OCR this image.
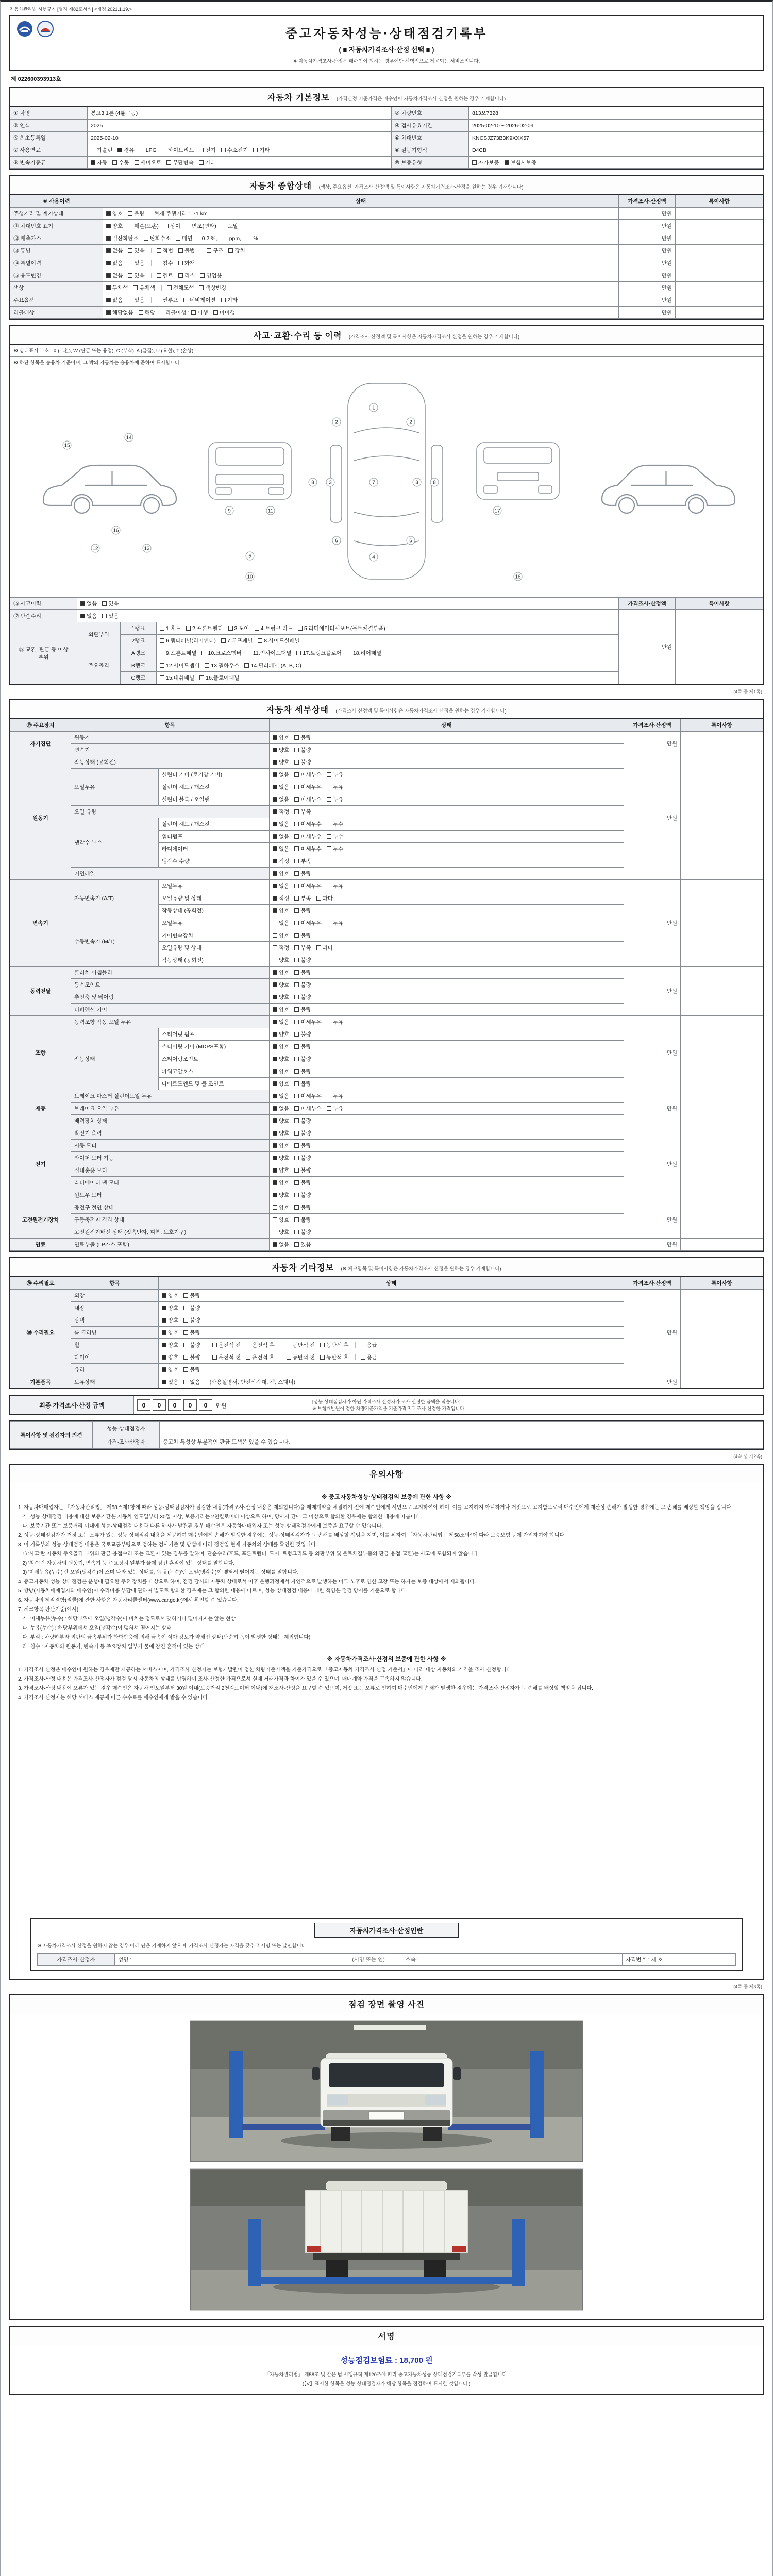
자동차관리법 시행규칙 [별지 제82호서식] <개정 2021.1.19.>
중고자동차성능·상태점검기록부
( ■ 자동차가격조사·산정 선택 ■ )
※ 자동차가격조사·산정은 매수인이 원하는 경우에만 선택적으로 제공되는 서비스입니다.
제 022600393913호
자동차 기본정보 (가격산정 기준가격은 매수인이 자동차가격조사·산정을 원하는 경우 기재합니다)
① 차명	봉고3 1톤 (4륜구동)	② 차량번호	813오7328
③ 연식	2025	④ 검사유효기간	2025-02-10 ~ 2026-02-09
⑤ 최초등록일	2025-02-10	⑥ 차대번호	KNCSJZ73B3K9XXX57
⑦ 사용연료	가솔린 경유 LPG 하이브리드 전기 수소전기 기타	⑧ 원동기형식	D4CB
⑨ 변속기종류	자동 수동 세미오토 무단변속 기타	⑩ 보증유형	자가보증 보험사보증
자동차 종합상태 (색상, 주요옵션, 가격조사·산정액 및 특이사항은 자동차가격조사·산정을 원하는 경우 기재합니다)
⑩ 사용이력	상태	가격조사·산정액	특이사항
주행거리 및 계기상태	양호 불량 현재 주행거리 :  71 km	만원	
⑪ 차대번호 표기	양호 훼손(오손) 상이 변조(변타) 도말	만원	
⑫ 배출가스	일산화탄소 탄화수소 매연 0.2 %,        ppm,        %	만원	
⑬ 튜닝	없음 있음 적법 불법 구조 장치	만원	
⑭ 특별이력	없음 있음 침수 화재	만원	
⑮ 용도변경	없음 있음 렌트 리스 영업용	만원	
색상	무채색 유채색 전체도색 색상변경	만원	
주요옵션	없음 있음 썬루프 네비게이션 기타	만원	
리콜대상	해당없음 해당 리콜이행 : 이행 미이행	만원	
사고·교환·수리 등 이력 (가격조사·산정액 및 특이사항은 자동차가격조사·산정을 원하는 경우 기재합니다)
※ 상태표시 부호 : X (교환), W (판금 또는 용접), C (부식), A (흠집), U (요철), T (손상)
※ 하단 항목은 승용차 기준이며, 그 밖의 자동차는 승용차에 준하여 표시합니다.
1
7
4
2	2
3	3
6	6
8	8
5
9
10
11	17
18
12	13
14
15
16
⑯ 사고이력	없음 있음			가격조사·산정액	특이사항
⑰ 단순수리	없음 있음			만원	
⑱ 교환, 판금 등 이상 부위	외판부위	1랭크	1.후드 2.프론트펜더 3.도어 4.트렁크 리드 5.라디에이터서포트(볼트체결부품)		
		2랭크	6.쿼터패널(리어펜더) 7.루프패널 8.사이드실패널		
	주요골격	A랭크	9.프론트패널 10.크로스멤버 11.인사이드패널 17.트렁크플로어 18.리어패널		
		B랭크	12.사이드멤버 13.휠하우스 14.필러패널 (A, B, C)		
		C랭크	15.대쉬패널 16.플로어패널		
(4쪽 중 제1쪽)
자동차 세부상태 (가격조사·산정액 및 특이사항은 자동차가격조사·산정을 원하는 경우 기재합니다)
⑲ 주요장치	항목		상태	가격조사·산정액	특이사항
자기진단	원동기		양호 불량	만원	
	변속기		양호 불량		
원동기	작동상태 (공회전)		양호 불량	만원	
	오일누유	실린더 커버 (로커암 커버)	없음 미세누유 누유		
		실린더 헤드 / 개스킷	없음 미세누유 누유		
		실린더 블록 / 오일팬	없음 미세누유 누유		
	오일 유량		적정 부족		
	냉각수 누수	실린더 헤드 / 개스킷	없음 미세누수 누수		
		워터펌프	없음 미세누수 누수		
		라디에이터	없음 미세누수 누수		
		냉각수 수량	적정 부족		
	커먼레일		양호 불량		
변속기	자동변속기 (A/T)	오일누유	없음 미세누유 누유	만원	
		오일유량 및 상태	적정 부족 과다		
		작동상태 (공회전)	양호 불량		
	수동변속기 (M/T)	오일누유	없음 미세누유 누유		
		기어변속장치	양호 불량		
		오일유량 및 상태	적정 부족 과다		
		작동상태 (공회전)	양호 불량		
동력전달	클러치 어셈블리		양호 불량	만원	
	등속조인트		양호 불량		
	추진축 및 베어링		양호 불량		
	디퍼렌셜 기어		양호 불량		
조향	동력조향 작동 오일 누유		없음 미세누유 누유	만원	
	작동상태	스티어링 펌프	양호 불량		
		스티어링 기어 (MDPS포함)	양호 불량		
		스티어링조인트	양호 불량		
		파워고압호스	양호 불량		
		타이로드엔드 및 볼 조인트	양호 불량		
제동	브레이크 마스터 실린더오일 누유		없음 미세누유 누유	만원	
	브레이크 오일 누유		없음 미세누유 누유		
	배력장치 상태		양호 불량		
전기	발전기 출력		양호 불량	만원	
	시동 모터		양호 불량		
	와이퍼 모터 기능		양호 불량		
	실내송풍 모터		양호 불량		
	라디에이터 팬 모터		양호 불량		
	윈도우 모터		양호 불량		
고전원전기장치	충전구 절연 상태		양호 불량	만원	
	구동축전지 격리 상태		양호 불량		
	고전원전기배선 상태 (접속단자, 피복, 보호기구)		양호 불량		
연료	연료누출 (LP가스 포함)		없음 있음	만원	
자동차 기타정보 (※ 체크항목 및 특이사항은 자동차가격조사·산정을 원하는 경우 기재합니다)
⑳ 수리필요	항목	상태	가격조사·산정액	특이사항
⑳ 수리필요	외장	양호 불량	만원	
	내장	양호 불량		
	광택	양호 불량		
	룸 크리닝	양호 불량		
	휠	양호 불량 운전석 전 운전석 후 동반석 전 동반석 후 응급		
	타이어	양호 불량 운전석 전 운전석 후 동반석 전 동반석 후 응급		
	유리	양호 불량		
기본품목	보유상태	있음 없음 (사용설명서, 안전삼각대, 잭, 스패너)	만원	
최종 가격조사·산정 금액	0 0 0 0 0 만원	
[성능·상태점검자가 아닌 가격조사·산정자가 조사·산정한 금액을 적습니다]
※ 보험개발원이 정한 차량기준가액을 기준가격으로 조사·산정한 가격입니다.
특이사항 및 점검자의 의견	성능·상태점검자	
	가격·조사산정자	중고차 특성상 부분적인 판금 도색은 있을 수 있습니다.
(4쪽 중 제2쪽)
유의사항
※ 중고자동차성능·상태점검의 보증에 관한 사항 ※
1. 자동차매매업자는 「자동차관리법」 제58조제1항에 따라 성능·상태점검자가 점검한 내용(가격조사·산정 내용은 제외합니다)을 매매계약을 체결하기 전에 매수인에게 서면으로 고지하여야 하며, 이를 고지하지 아니하거나 거짓으로 고지함으로써 매수인에게 재산상 손해가 발생한 경우에는 그 손해를 배상할 책임을 집니다.
가. 성능·상태점검 내용에 대한 보증기간은 자동차 인도일부터 30일 이상, 보증거리는 2천킬로미터 이상으로 하며, 당사자 간에 그 이상으로 합의한 경우에는 합의한 내용에 따릅니다.
나. 보증기간 또는 보증거리 이내에 성능·상태점검 내용과 다른 하자가 발견된 경우 매수인은 자동차매매업자 또는 성능·상태점검자에게 보증을 요구할 수 있습니다.
2. 성능·상태점검자가 거짓 또는 오류가 있는 성능·상태점검 내용을 제공하여 매수인에게 손해가 발생한 경우에는 성능·상태점검자가 그 손해를 배상할 책임을 지며, 이를 위하여 「자동차관리법」 제58조의4에 따라 보증보험 등에 가입하여야 합니다.
3. 이 기록부의 성능·상태점검 내용은 국토교통부령으로 정하는 검사기준 및 방법에 따라 점검일 현재 자동차의 상태를 확인한 것입니다.
1) '사고'란 자동차 주요골격 부위의 판금·용접수리 또는 교환이 있는 경우를 말하며, 단순수리(후드, 프론트펜더, 도어, 트렁크리드 등 외판부위 및 볼트체결부품의 판금·용접·교환)는 사고에 포함되지 않습니다.
2) '침수'란 자동차의 원동기, 변속기 등 주요장치 일부가 물에 잠긴 흔적이 있는 상태를 말합니다.
3) '미세누유(누수)'란 오일(냉각수)이 스며 나와 있는 상태를, '누유(누수)'란 오일(냉각수)이 맺혀서 떨어지는 상태를 말합니다.
4. 중고자동차 성능·상태점검은 운행에 필요한 주요 장치를 대상으로 하며, 점검 당시의 자동차 상태로서 이후 운행과정에서 자연적으로 발생하는 마모·노후로 인한 고장 또는 하자는 보증 대상에서 제외됩니다.
5. 쌍방(자동차매매업자와 매수인)이 수리비용 부담에 관하여 별도로 합의한 경우에는 그 합의한 내용에 따르며, 성능·상태점검 내용에 대한 책임은 점검 당시를 기준으로 합니다.
6. 자동차의 제작결함(리콜)에 관한 사항은 자동차리콜센터(www.car.go.kr)에서 확인할 수 있습니다.
7. 체크항목 판단기준(예시)
가. 미세누유(누수) : 해당부위에 오일(냉각수)이 비치는 정도로서 맺히거나 떨어지지는 않는 현상
나. 누유(누수) : 해당부위에서 오일(냉각수)이 맺혀서 떨어지는 상태
다. 부식 : 차량하부와 외판의 금속부위가 화학반응에 의해 금속이 삭아 강도가 약해진 상태(단순히 녹이 발생한 상태는 제외합니다)
라. 침수 : 자동차의 원동기, 변속기 등 주요장치 일부가 물에 잠긴 흔적이 있는 상태
※ 자동차가격조사·산정의 보증에 관한 사항 ※
1. 가격조사·산정은 매수인이 원하는 경우에만 제공하는 서비스이며, 가격조사·산정자는 보험개발원이 정한 차량기준가액을 기준가격으로 「중고자동차 가격조사·산정 기준서」에 따라 대상 자동차의 가격을 조사·산정합니다.
2. 가격조사·산정 내용은 가격조사·산정자가 점검 당시 자동차의 상태를 반영하여 조사·산정한 가격으로서 실제 거래가격과 차이가 있을 수 있으며, 매매계약 가격을 구속하지 않습니다.
3. 가격조사·산정 내용에 오류가 있는 경우 매수인은 자동차 인도일부터 30일 이내(보증거리 2천킬로미터 이내)에 재조사·산정을 요구할 수 있으며, 거짓 또는 오류로 인하여 매수인에게 손해가 발생한 경우에는 가격조사·산정자가 그 손해를 배상할 책임을 집니다.
4. 가격조사·산정자는 해당 서비스 제공에 따른 수수료를 매수인에게 받을 수 있습니다.
자동차가격조사·산정인란
※ 자동차가격조사·산정을 원하지 않는 경우 아래 난은 기재하지 않으며, 가격조사·산정자는 자격을 갖추고 서명 또는 날인합니다.
가격조사·산정자	성명 :	(서명 또는 인)	소속 :	자격번호 : 제 호
(4쪽 중 제3쪽)
점검 장면 촬영 사진
서명
성능점검보험료 : 18,700 원
「자동차관리법」 제58조 및 같은 법 시행규칙 제120조에 따라 중고자동차성능·상태점검기록부를 작성·발급합니다.
(【V】표시한 항목은 성능·상태점검자가 해당 항목을 점검하여 표시한 것입니다.)
